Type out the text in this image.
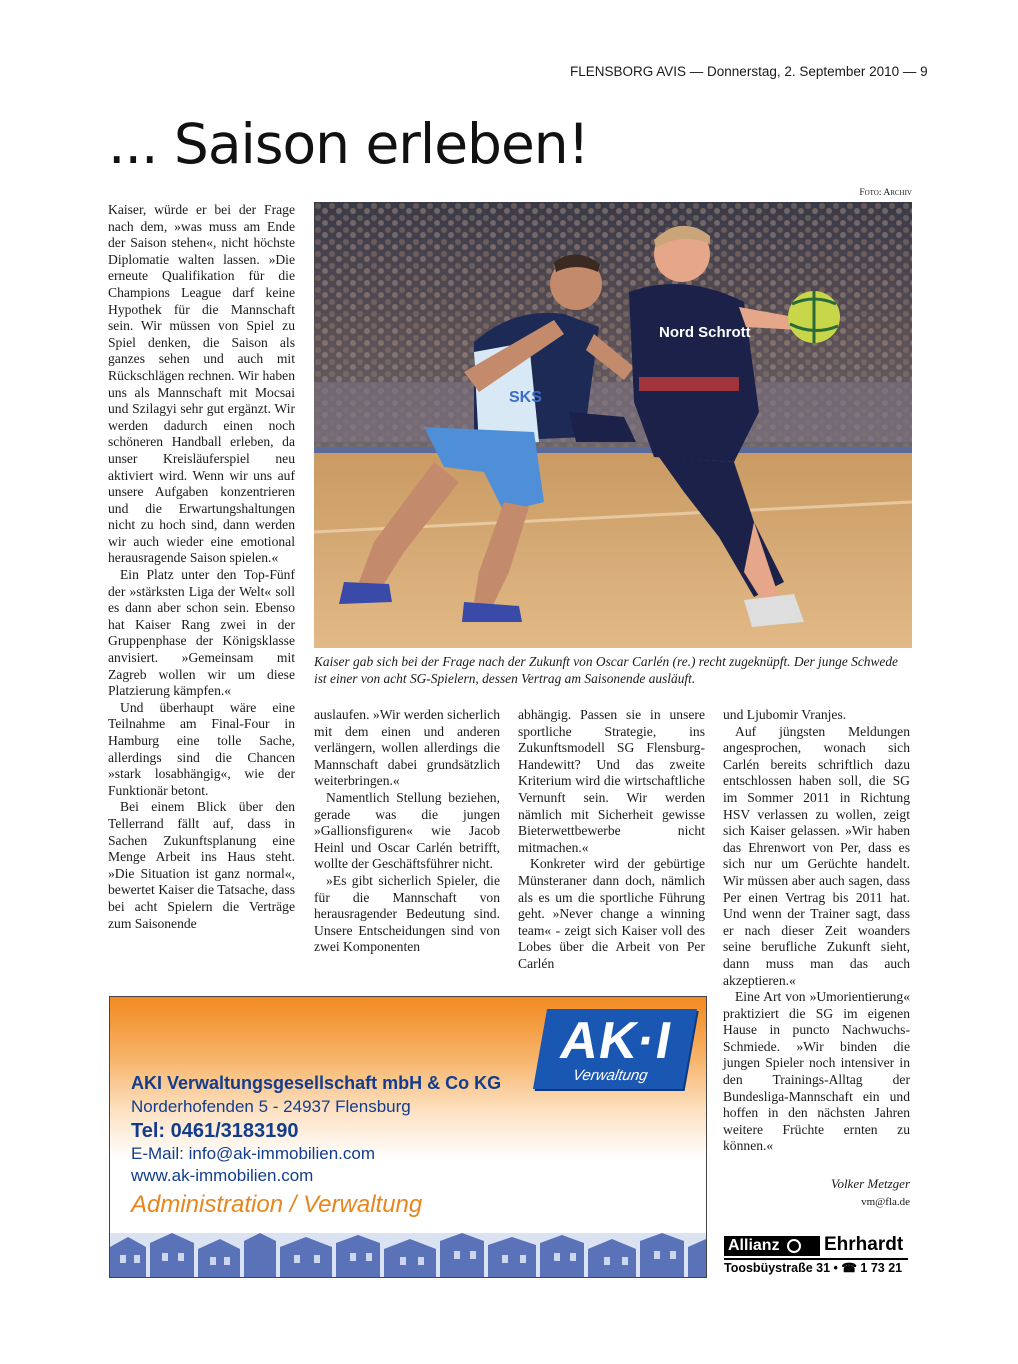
FLENSBORG AVIS — Donnerstag, 2. September 2010 — 9
... Saison erleben!
Foto: Archiv

Kaiser, würde er bei der Frage nach dem, »was muss am Ende der Saison stehen«, nicht höchste Diplomatie walten lassen. »Die erneute Qualifikation für die Champions League darf keine Hypothek für die Mannschaft sein. Wir müssen von Spiel zu Spiel denken, die Saison als ganzes sehen und auch mit Rückschlägen rechnen. Wir haben uns als Mannschaft mit Mocsai und Szilagyi sehr gut ergänzt. Wir werden dadurch einen noch schöneren Handball erleben, da unser Kreisläuferspiel neu aktiviert wird. Wenn wir uns auf unsere Aufgaben konzentrieren und die Erwartungshaltungen nicht zu hoch sind, dann werden wir auch wieder eine emotional herausragende Saison spielen.«

Ein Platz unter den Top-Fünf der »stärksten Liga der Welt« soll es dann aber schon sein. Ebenso hat Kaiser Rang zwei in der Gruppenphase der Königsklasse anvisiert. »Gemeinsam mit Zagreb wollen wir um diese Platzierung kämpfen.«

Und überhaupt wäre eine Teilnahme am Final-Four in Hamburg eine tolle Sache, allerdings sind die Chancen »stark losabhängig«, wie der Funktionär betont.

Bei einem Blick über den Tellerrand fällt auf, dass in Sachen Zukunftsplanung eine Menge Arbeit ins Haus steht. »Die Situation ist ganz normal«, bewertet Kaiser die Tatsache, dass bei acht Spielern die Verträge zum Saisonende

SKS
Nord Schrott
Kaiser gab sich bei der Frage nach der Zukunft von Oscar Carlén (re.) recht zugeknüpft. Der junge Schwede ist einer von acht SG-Spielern, dessen Vertrag am Saisonende ausläuft.

auslaufen. »Wir werden sicherlich mit dem einen und anderen verlängern, wollen allerdings die Mannschaft dabei grundsätzlich weiterbringen.«

Namentlich Stellung beziehen, gerade was die jungen »Gallionsfiguren« wie Jacob Heinl und Oscar Carlén betrifft, wollte der Geschäftsführer nicht.

»Es gibt sicherlich Spieler, die für die Mannschaft von herausragender Bedeutung sind. Unsere Entscheidungen sind von zwei Komponenten

abhängig. Passen sie in unsere sportliche Strategie, ins Zukunftsmodell SG Flensburg-Handewitt? Und das zweite Kriterium wird die wirtschaftliche Vernunft sein. Wir werden nämlich mit Sicherheit gewisse Bieterwettbewerbe nicht mitmachen.«

Konkreter wird der gebürtige Münsteraner dann doch, nämlich als es um die sportliche Führung geht. »Never change a winning team« - zeigt sich Kaiser voll des Lobes über die Arbeit von Per Carlén

und Ljubomir Vranjes.

Auf jüngsten Meldungen angesprochen, wonach sich Carlén bereits schriftlich dazu entschlossen haben soll, die SG im Sommer 2011 in Richtung HSV verlassen zu wollen, zeigt sich Kaiser gelassen. »Wir haben das Ehrenwort von Per, dass es sich nur um Gerüchte handelt. Wir müssen aber auch sagen, dass Per einen Vertrag bis 2011 hat. Und wenn der Trainer sagt, dass er nach dieser Zeit woanders seine berufliche Zukunft sieht, dann muss man das auch akzeptieren.«

Eine Art von »Umorientierung« praktiziert die SG im eigenen Hause in puncto Nachwuchs-Schmiede. »Wir binden die jungen Spieler noch intensiver in den Trainings-Alltag der Bundesliga-Mannschaft ein und hoffen in den nächsten Jahren weitere Früchte ernten zu können.«

Volker Metzger
vm@fla.de
AK·I
Verwaltung
AKI Verwaltungsgesellschaft mbH & Co KG
Norderhofenden 5 - 24937 Flensburg
Tel: 0461/3183190
E-Mail: info@ak-immobilien.com
www.ak-immobilien.com
Administration / Verwaltung
Allianz	Ehrhardt
Toosbüystraße 31 • ☎ 1 73 21
